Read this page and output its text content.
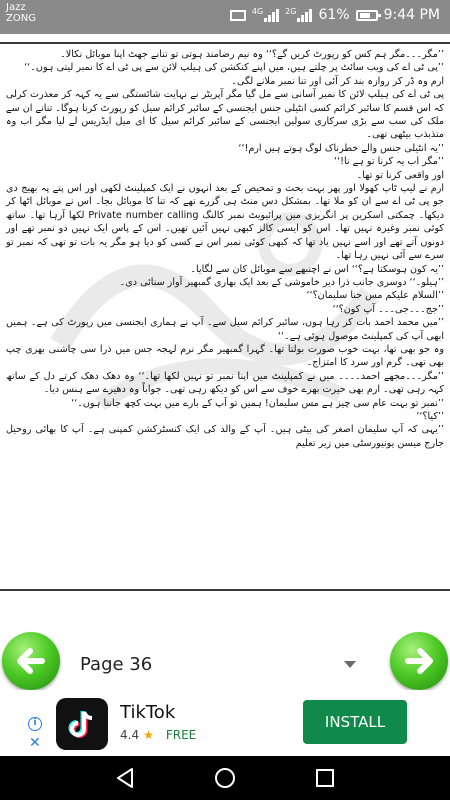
Jazz
ZONG
4G	2G 61% 9:44 PM

’’مگر۔۔۔مگر ہم کس کو رپورٹ کریں گے؟‘‘ وہ نیم رضامند ہوتی تو تنانے جھٹ اپنا موبائل نکالا۔

’’پی ٹی اے کی ویب سائٹ پر چلتے ہیں، میں اپنے کنکشن کی ہیلپ لائن سے پی ٹی اے کا نمبر لیتی ہوں۔‘‘

ارم وہ ڈر کر روازہ بند کر آئی اور تنا نمبر ملانے لگی۔

پی ٹی اے کی ہیلپ لائن کا نمبر آسانی سے مل گیا مگر آپریٹر نے نہایت شائستگی سے یہ کہہ کر معذرت کرلی کہ اس قسم کا سائبر کرائم کسی انٹیلی جنس ایجنسی کے سائبر کرائم سیل کو رپورٹ کرنا ہوگا۔ تنانے ان سے ملک کی سب سے بڑی سرکاری سولین ایجنسی کے سائبر کرائم سیل کا ای میل ایڈریس لے لیا مگر اب وہ متذبذب بیٹھی تھی۔

’’یہ انٹیلی جنس والے خطرناک لوگ ہوتے ہیں ارم!‘‘

’’مگر اب یہ کرنا تو ہے نا!‘‘

اور واقعی کرنا تو تھا۔

ارم نے لیپ ٹاپ کھولا اور پھر بہت بحث و تمحیص کے بعد انہوں نے ایک کمپلینٹ لکھی اور اس پتے پہ بھیج دی جو پی ٹی اے سے ان کو ملا تھا۔ بمشکل دس منٹ ہی گزرے تھے کہ تنا کا موبائل بجا۔ اس نے موبائل اٹھا کر دیکھا۔ چمکتی اسکرین پر انگریزی میں پرائیویٹ نمبر کالنگ Private number calling لکھا آرہا تھا۔ ساتھ کوئی نمبر وغیرہ نہیں تھا۔ اس کو ایسی کالز کبھی نہیں آئیں تھیں۔ اس کے پاس ایک نہیں دو نمبر تھے اور دونوں آتے تھے اور اسے نہیں یاد تھا کہ کبھی کوئی نمبر اس نے کسی کو دیا ہو مگر یہ بات تو تھی کہ نمبر تو سرے سے آئی نہیں رہا تھا۔

’’یہ کون ہوسکتا ہے؟‘‘ اس نے اچنبھے سے موبائل کان سے لگایا۔

’’ہیلو۔‘‘ دوسری جانب ذرا دیر خاموشی کے بعد ایک بھاری گمبھیر آواز سنائی دی۔

’’السلام علیکم مس حنا سلیمان؟‘‘

’’جج۔۔۔جی۔۔۔ آپ کون؟‘‘

’’میں محمد احمد بات کر رہا ہوں، سائبر کرائم سیل سے۔ آپ نے ہماری ایجنسی میں رپورٹ کی ہے۔ ہمیں ابھی آپ کی کمپلینٹ موصول ہوئی ہے۔‘‘

وہ جو بھی تھا، بہت خوب صورت بولتا تھا۔ گہرا گمبھیر مگر نرم لہجہ جس میں ذرا سی چاشنی بھری چپ بھی تھی۔ گرم اور سرد کا امتزاج۔

’’مگر۔۔۔مجھے احمد۔۔۔۔ میں نے کمپلینٹ میں اپنا نمبر تو نہیں لکھا تھا۔‘‘ وہ دھک دھک کرتے دل کے ساتھ کہہ رہی تھی۔ ارم بھی حیرت بھرے خوف سے اس کو دیکھ رہی تھی۔ جواباً وہ دھیرے سے ہنس دیا۔

’’نمبر تو بہت عام سی چیز ہے مس سلیمان! ہمیں تو آپ کے بارے میں بہت کچھ جاننا ہوں۔‘‘

’’کیا؟‘‘

’’یہی کہ آپ سلیمان اصغر کی بیٹی ہیں۔ آپ کے والد کی ایک کنسٹرکشن کمپنی ہے۔ آپ کا بھائی روحیل جارج میسن یونیورسٹی میں زیر تعلیم

Page 36
i
✕
TikTok
4.4 ★ FREE
INSTALL
